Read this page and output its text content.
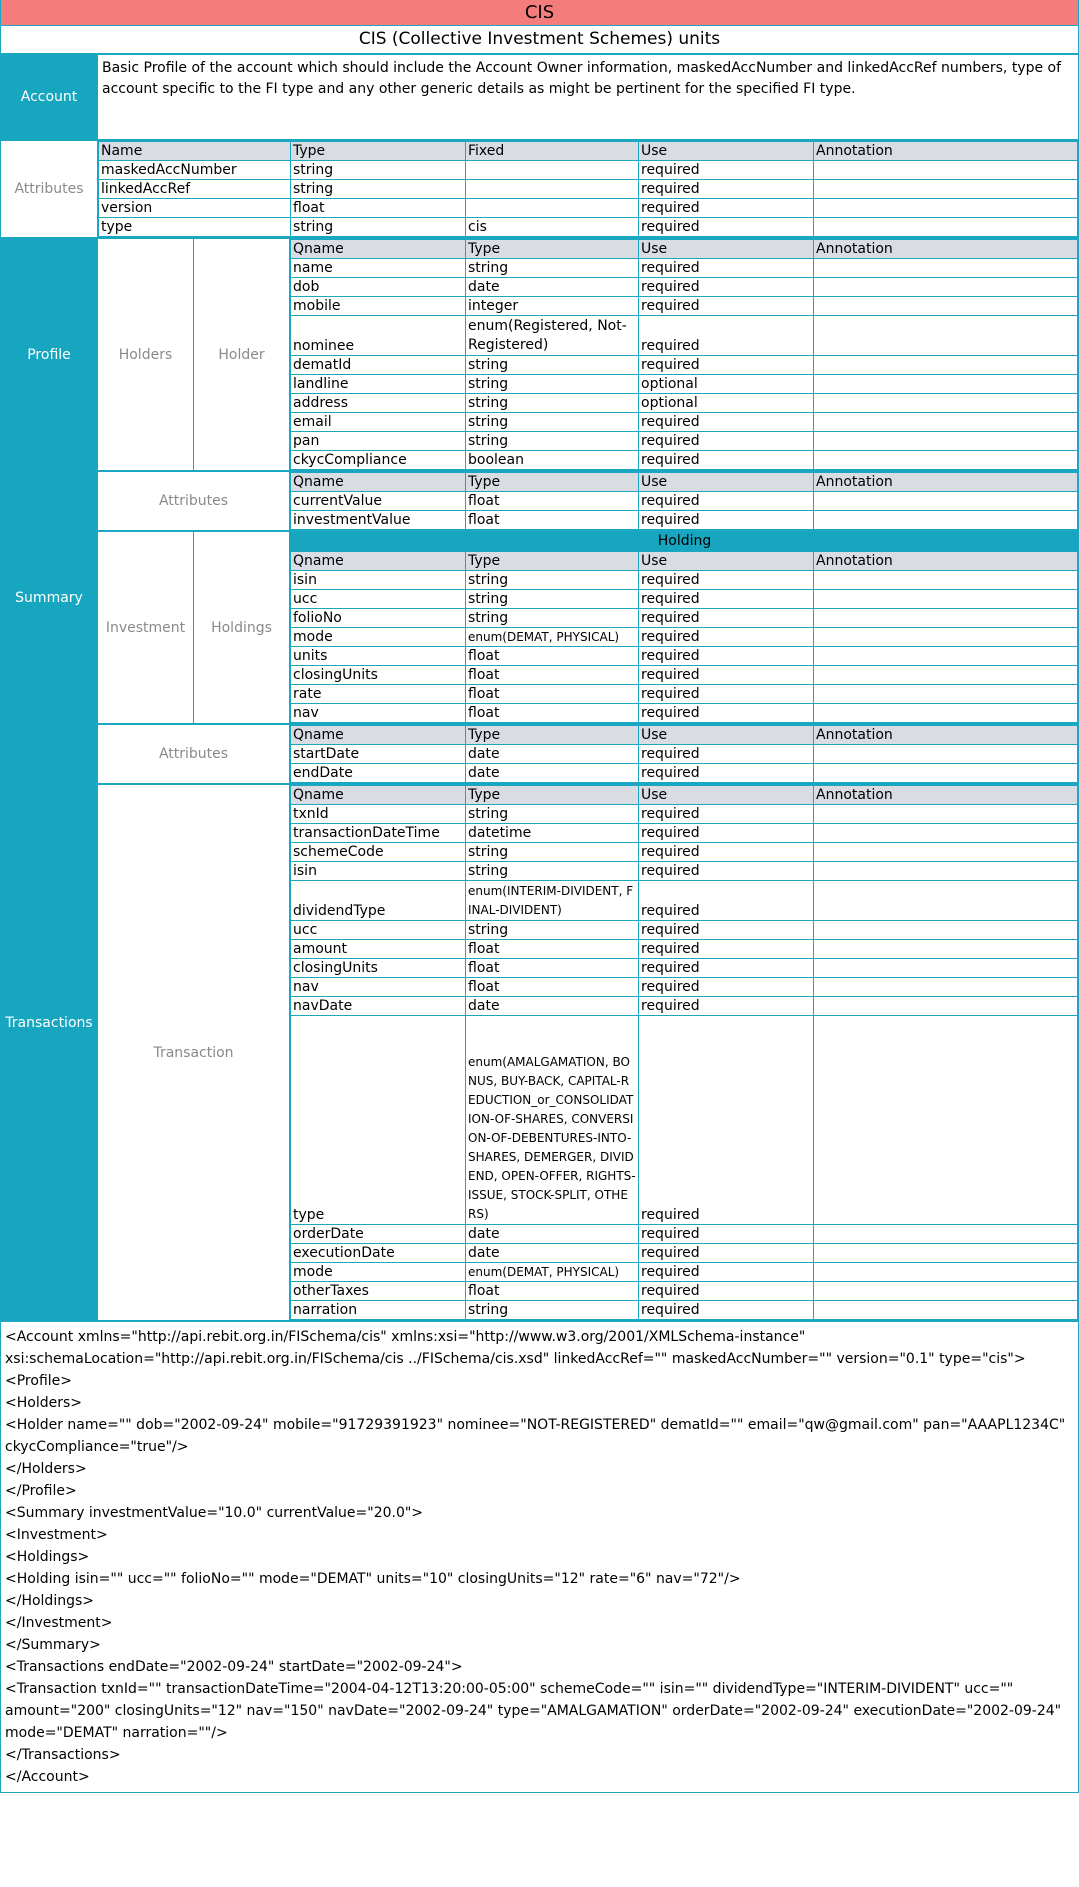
CIS
CIS (Collective Investment Schemes) units
Account
Basic Profile of the account which should include the Account Owner information, maskedAccNumber and linkedAccRef numbers, type of account specific to the FI type and any other generic details as might be pertinent for the specified FI type.
Attributes
Name	Type	Fixed	Use	Annotation
maskedAccNumber	string		required	
linkedAccRef	string		required	
version	float		required	
type	string	cis	required	
Profile	Holders	Holder
Qname	Type	Use	Annotation
name	string	required	
dob	date	required	
mobile	integer	required	
nominee	enum(Registered, Not-Registered)	required	
dematId	string	required	
landline	string	optional	
address	string	optional	
email	string	required	
pan	string	required	
ckycCompliance	boolean	required	
Summary
Attributes
Qname	Type	Use	Annotation
currentValue	float	required	
investmentValue	float	required	
Investment	Holdings
Holding
Qname	Type	Use	Annotation
isin	string	required	
ucc	string	required	
folioNo	string	required	
mode	enum(DEMAT, PHYSICAL)	required	
units	float	required	
closingUnits	float	required	
rate	float	required	
nav	float	required	
Transactions
Attributes
Qname	Type	Use	Annotation
startDate	date	required	
endDate	date	required	
Transaction
Qname	Type	Use	Annotation
txnId	string	required	
transactionDateTime	datetime	required	
schemeCode	string	required	
isin	string	required	
dividendType	enum(INTERIM-DIVIDENT, FINAL-DIVIDENT)	required	
ucc	string	required	
amount	float	required	
closingUnits	float	required	
nav	float	required	
navDate	date	required	
type	enum(AMALGAMATION, BONUS, BUY-BACK, CAPITAL-REDUCTION_or_CONSOLIDATION-OF-SHARES, CONVERSION-OF-DEBENTURES-INTO-SHARES, DEMERGER, DIVIDEND, OPEN-OFFER, RIGHTS-ISSUE, STOCK-SPLIT, OTHERS)	required	
orderDate	date	required	
executionDate	date	required	
mode	enum(DEMAT, PHYSICAL)	required	
otherTaxes	float	required	
narration	string	required	
<Account xmlns="http://api.rebit.org.in/FISchema/cis" xmlns:xsi="http://www.w3.org/2001/XMLSchema-instance" xsi:schemaLocation="http://api.rebit.org.in/FISchema/cis ../FISchema/cis.xsd" linkedAccRef="" maskedAccNumber="" version="0.1" type="cis">
<Profile>
<Holders>
<Holder name="" dob="2002-09-24" mobile="91729391923" nominee="NOT-REGISTERED" dematId="" email="qw@gmail.com" pan="AAAPL1234C" ckycCompliance="true"/>
</Holders>
</Profile>
<Summary investmentValue="10.0" currentValue="20.0">
<Investment>
<Holdings>
<Holding isin="" ucc="" folioNo="" mode="DEMAT" units="10" closingUnits="12" rate="6" nav="72"/>
</Holdings>
</Investment>
</Summary>
<Transactions endDate="2002-09-24" startDate="2002-09-24">
<Transaction txnId="" transactionDateTime="2004-04-12T13:20:00-05:00" schemeCode="" isin="" dividendType="INTERIM-DIVIDENT" ucc="" amount="200" closingUnits="12" nav="150" navDate="2002-09-24" type="AMALGAMATION" orderDate="2002-09-24" executionDate="2002-09-24" mode="DEMAT" narration=""/>
</Transactions>
</Account>
